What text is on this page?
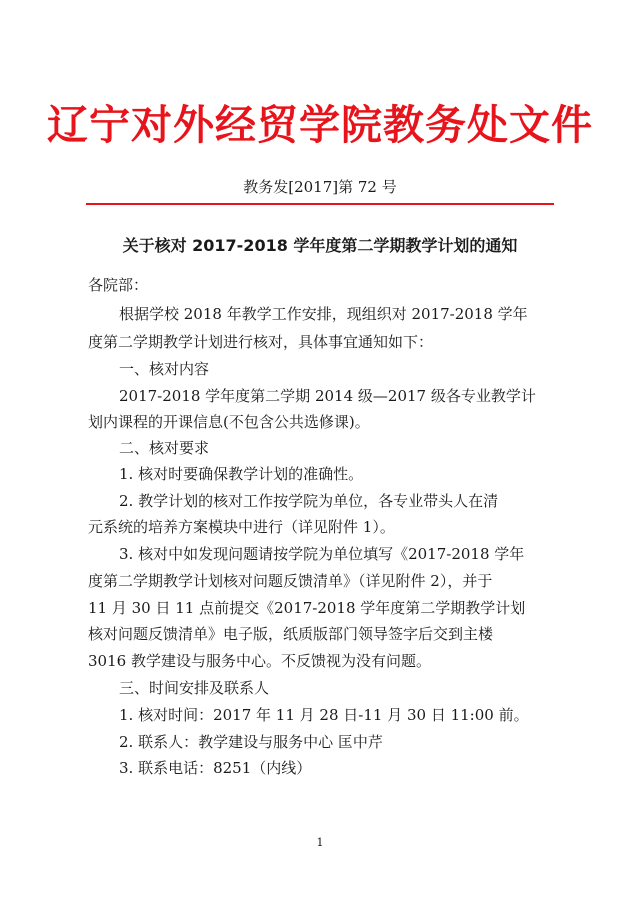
辽宁对外经贸学院教务处文件
教务发[2017]第 72 号
关于核对 2017-2018 学年度第二学期教学计划的通知
各院部：
根据学校 2018 年教学工作安排，现组织对 2017-2018 学年
度第二学期教学计划进行核对，具体事宜通知如下：
一、核对内容
2017-2018 学年度第二学期 2014 级—2017 级各专业教学计
划内课程的开课信息(不包含公共选修课)。
二、核对要求
1. 核对时要确保教学计划的准确性。
2. 教学计划的核对工作按学院为单位，各专业带头人在清
元系统的培养方案模块中进行（详见附件 1）。
3. 核对中如发现问题请按学院为单位填写《2017-2018 学年
度第二学期教学计划核对问题反馈清单》（详见附件 2），并于
11 月 30 日 11 点前提交《2017-2018 学年度第二学期教学计划
核对问题反馈清单》电子版，纸质版部门领导签字后交到主楼
3016 教学建设与服务中心。不反馈视为没有问题。
三、时间安排及联系人
1. 核对时间：2017 年 11 月 28 日-11 月 30 日 11:00 前。
2. 联系人：教学建设与服务中心 匡中芹
3. 联系电话：8251（内线）
1
